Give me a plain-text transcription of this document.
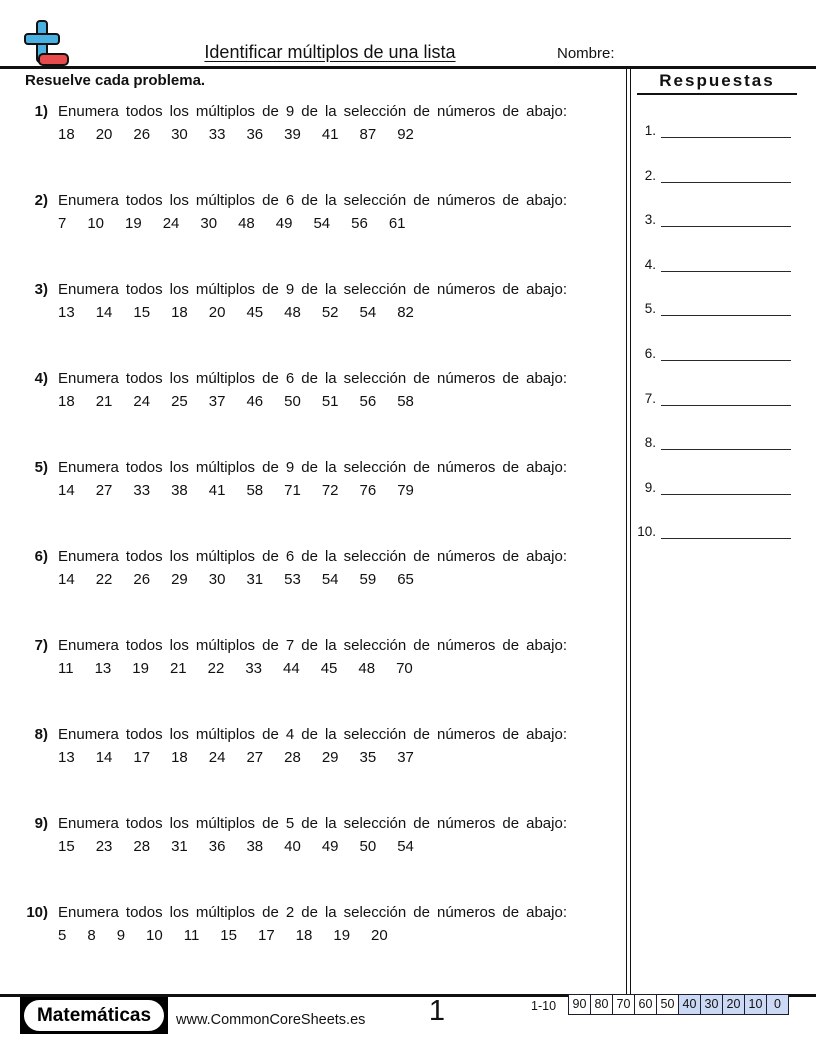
Identificar múltiplos de una lista	Nombre:
Resuelve cada problema.
1) Enumera todos los múltiplos de 9 de la selección de números de abajo:
18 20 26 30 33 36 39 41 87 92
2) Enumera todos los múltiplos de 6 de la selección de números de abajo:
7 10 19 24 30 48 49 54 56 61
3) Enumera todos los múltiplos de 9 de la selección de números de abajo:
13 14 15 18 20 45 48 52 54 82
4) Enumera todos los múltiplos de 6 de la selección de números de abajo:
18 21 24 25 37 46 50 51 56 58
5) Enumera todos los múltiplos de 9 de la selección de números de abajo:
14 27 33 38 41 58 71 72 76 79
6) Enumera todos los múltiplos de 6 de la selección de números de abajo:
14 22 26 29 30 31 53 54 59 65
7) Enumera todos los múltiplos de 7 de la selección de números de abajo:
11 13 19 21 22 33 44 45 48 70
8) Enumera todos los múltiplos de 4 de la selección de números de abajo:
13 14 17 18 24 27 28 29 35 37
9) Enumera todos los múltiplos de 5 de la selección de números de abajo:
15 23 28 31 36 38 40 49 50 54
10) Enumera todos los múltiplos de 2 de la selección de números de abajo:
5 8 9 10 11 15 17 18 19 20
Respuestas
1.
2.
3.
4.
5.
6.
7.
8.
9.
10.
Matemáticas	www.CommonCoreSheets.es	1	1-10 90 80 70 60 50 40 30 20 10 0
